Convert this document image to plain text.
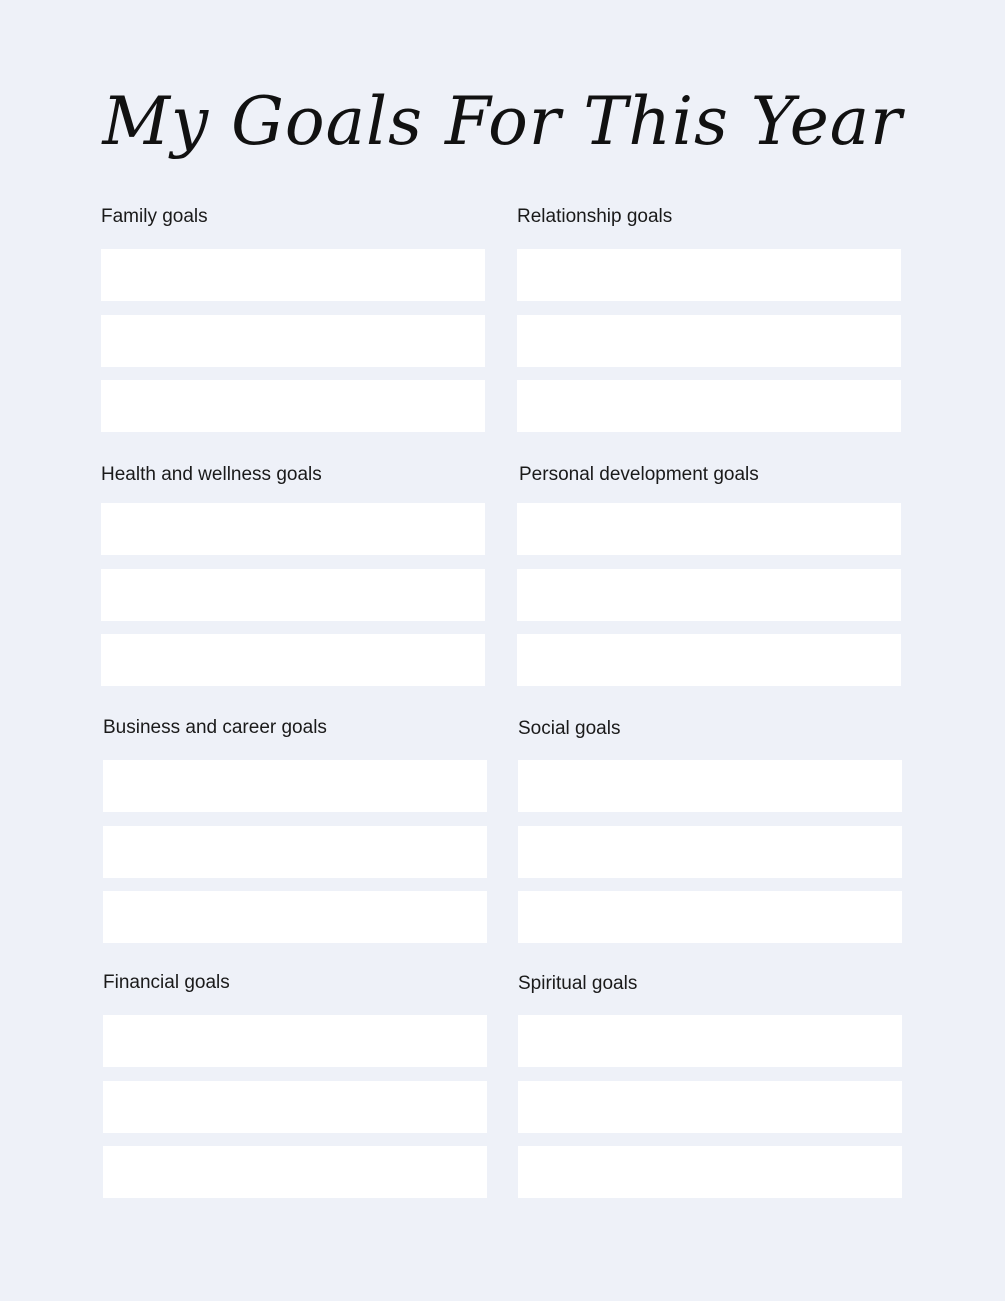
My Goals For This Year
Family goals	Relationship goals
Health and wellness goals	Personal development goals
Business and career goals	Social goals
Financial goals	Spiritual goals
